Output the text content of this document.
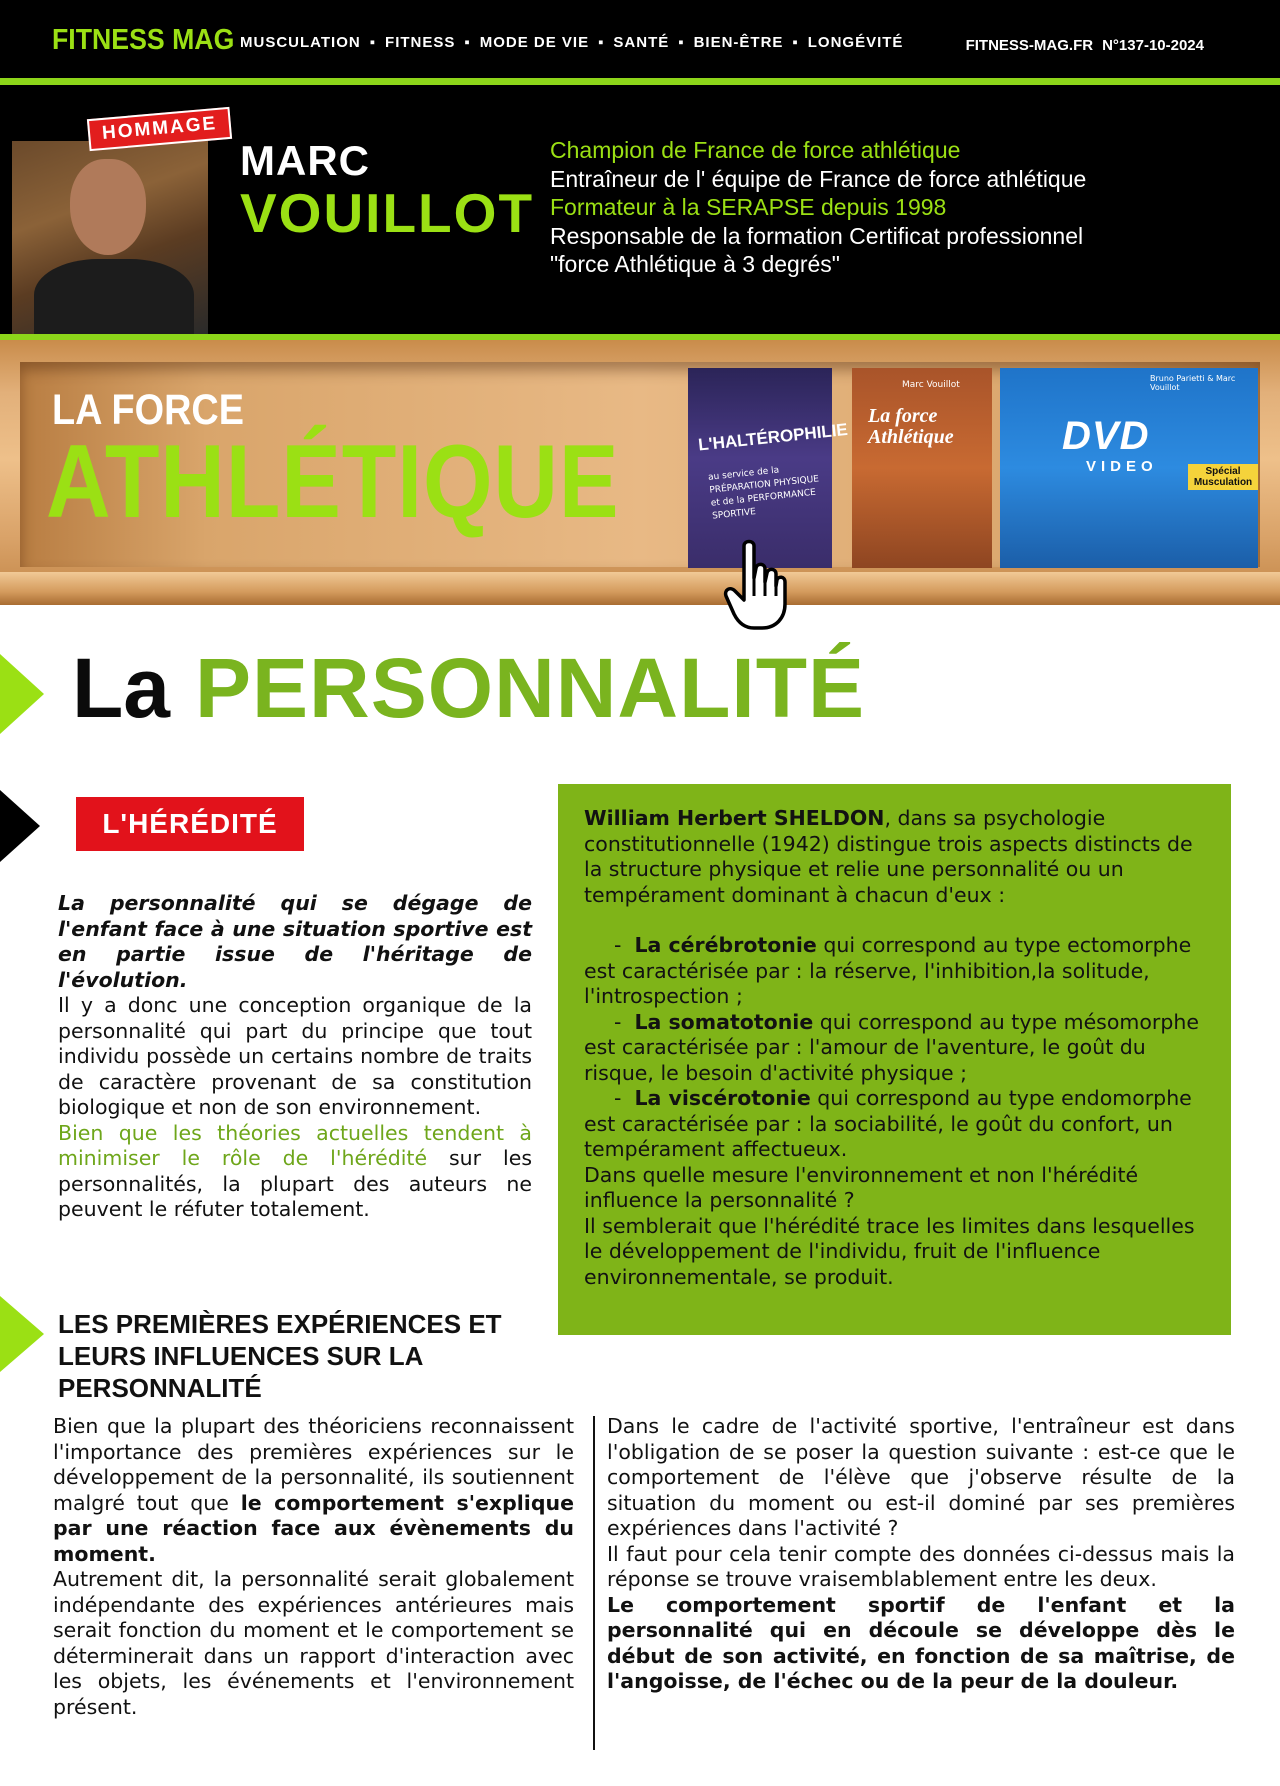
FITNESS MAG MUSCULATION ▪ FITNESS ▪ MODE DE VIE ▪ SANTÉ ▪ BIEN-ÊTRE ▪ LONGÉVITÉ	FITNESS-MAG.FR N°137-10-2024
HOMMAGE
MARC
VOUILLOT
Champion de France de force athlétique
Entraîneur de l' équipe de France de force athlétique
Formateur à la SERAPSE depuis 1998
Responsable de la formation Certificat professionnel
"force Athlétique à 3 degrés"
LA FORCE
ATHLÉTIQUE	L'HALTÉROPHILIE
au service de la PRÉPARATION PHYSIQUE et de la PERFORMANCE SPORTIVE
Marc Vouillot
La force Athlétique
Bruno Parietti & Marc Vouillot
DVD
VIDEO	Spécial Musculation
La PERSONNALITÉ
L'HÉRÉDITÉ
La personnalité qui se dégage de l'enfant face à une situation sportive est en partie issue de l'héritage de l'évolution.
Il y a donc une conception organique de la personnalité qui part du principe que tout individu possède un certains nombre de traits de caractère provenant de sa constitution biologique et non de son environnement.
Bien que les théories actuelles tendent à minimiser le rôle de l'hérédité sur les personnalités, la plupart des auteurs ne peuvent le réfuter totalement.
William Herbert SHELDON, dans sa psychologie constitutionnelle (1942) distingue trois aspects distincts de la structure physique et relie une personnalité ou un tempérament dominant à chacun d'eux :
-  La cérébrotonie qui correspond au type ectomorphe est caractérisée par : la réserve, l'inhibition,la solitude, l'introspection ;
-  La somatotonie qui correspond au type mésomorphe est caractérisée par : l'amour de l'aventure, le goût du risque, le besoin d'activité physique ;
-  La viscérotonie qui correspond au type endomorphe est caractérisée par : la sociabilité, le goût du confort, un tempérament affectueux.
Dans quelle mesure l'environnement et non l'hérédité influence la personnalité ?
Il semblerait que l'hérédité trace les limites dans lesquelles le développement de l'individu, fruit de l'influence environnementale, se produit.
LES PREMIÈRES EXPÉRIENCES ET LEURS INFLUENCES SUR LA PERSONNALITÉ
Bien que la plupart des théoriciens reconnaissent l'importance des premières expériences sur le développement de la personnalité, ils soutiennent malgré tout que le comportement s'explique par une réaction face aux évènements du moment.
Autrement dit, la personnalité serait globalement indépendante des expériences antérieures mais serait fonction du moment et le comportement se déterminerait dans un rapport d'interaction avec les objets, les événements et l'environnement présent.
Dans le cadre de l'activité sportive, l'entraîneur est dans l'obligation de se poser la question suivante : est-ce que le comportement de l'élève que j'observe résulte de la situation du moment ou est-il dominé par ses premières expériences dans l'activité ?
Il faut pour cela tenir compte des données ci-dessus mais la réponse se trouve vraisemblablement entre les deux.
Le comportement sportif de l'enfant et la personnalité qui en découle se développe dès le début de son activité, en fonction de sa maîtrise, de l'angoisse, de l'échec ou de la peur de la douleur.
